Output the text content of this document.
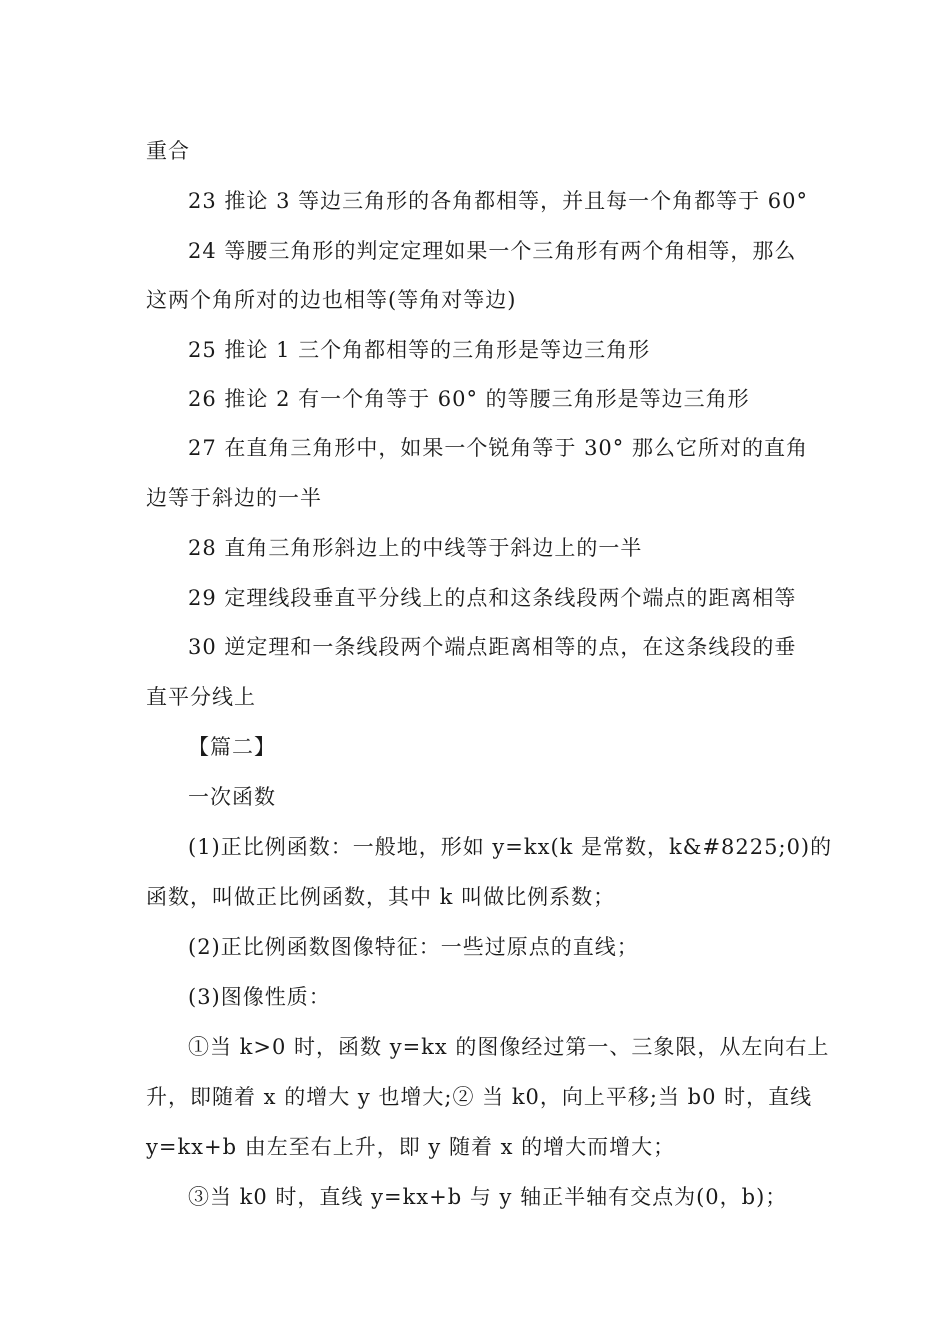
重合
23 推论 3 等边三角形的各角都相等，并且每一个角都等于 60°
24 等腰三角形的判定定理如果一个三角形有两个角相等，那么
这两个角所对的边也相等(等角对等边)
25 推论 1 三个角都相等的三角形是等边三角形
26 推论 2 有一个角等于 60° 的等腰三角形是等边三角形
27 在直角三角形中，如果一个锐角等于 30° 那么它所对的直角
边等于斜边的一半
28 直角三角形斜边上的中线等于斜边上的一半
29 定理线段垂直平分线上的点和这条线段两个端点的距离相等
30 逆定理和一条线段两个端点距离相等的点，在这条线段的垂
直平分线上
【篇二】
一次函数
(1)正比例函数：一般地，形如 y=kx(k 是常数，k&#8225;0)的
函数，叫做正比例函数，其中 k 叫做比例系数；
(2)正比例函数图像特征：一些过原点的直线；
(3)图像性质：
①当 k>0 时，函数 y=kx 的图像经过第一、三象限，从左向右上
升，即随着 x 的增大 y 也增大;② 当 k0，向上平移;当 b0 时，直线
y=kx+b 由左至右上升，即 y 随着 x 的增大而增大；
③当 k0 时，直线 y=kx+b 与 y 轴正半轴有交点为(0，b)；
